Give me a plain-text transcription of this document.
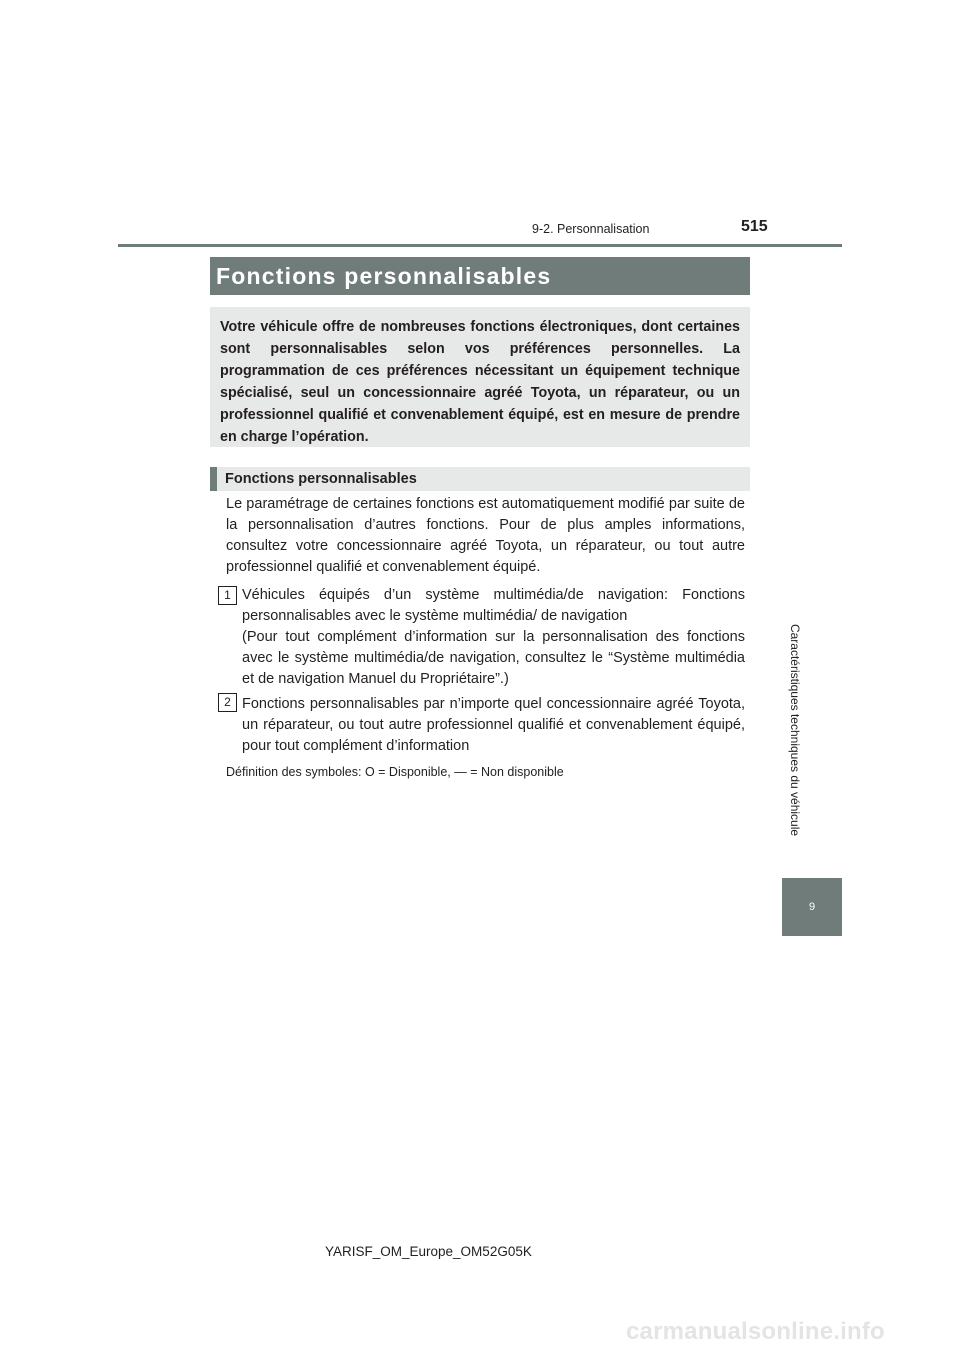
9-2. Personnalisation	515
Caractéristiques techniques du véhicule
9
Fonctions personnalisables

Votre véhicule offre de nombreuses fonctions électroniques, dont certaines sont personnalisables selon vos préférences personnelles. La programmation de ces préférences nécessitant un équipement technique spécialisé, seul un concessionnaire agréé Toyota, un réparateur, ou un professionnel qualifié et convenablement équipé, est en mesure de prendre en charge l’opération.

Fonctions personnalisables

Le paramétrage de certaines fonctions est automatiquement modifié par suite de la personnalisation d’autres fonctions. Pour de plus amples informations, consultez votre concessionnaire agréé Toyota, un réparateur, ou tout autre professionnel qualifié et convenablement équipé.

1 Véhicules équipés d’un système multimédia/de navigation: Fonctions personnalisables avec le système multimédia/ de navigation

(Pour tout complément d’information sur la personnalisation des fonctions avec le système multimédia/de navigation, consultez le “Système multimédia et de navigation Manuel du Propriétaire”.)

2 Fonctions personnalisables par n’importe quel concessionnaire agréé Toyota, un réparateur, ou tout autre professionnel qualifié et convenablement équipé, pour tout complément d’information

Définition des symboles: O = Disponible, — = Non disponible
YARISF_OM_Europe_OM52G05K
carmanualsonline.info
